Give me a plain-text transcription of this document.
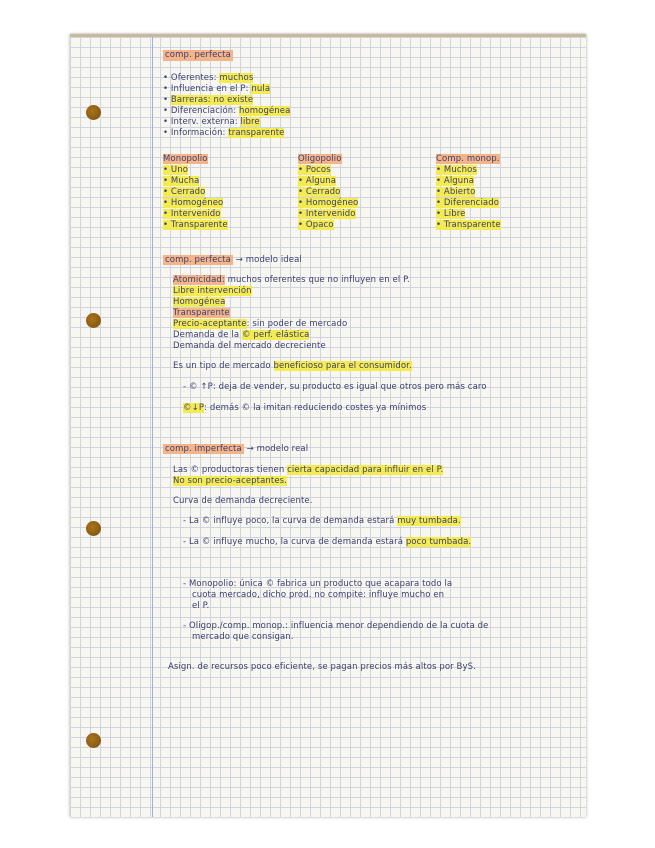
comp. perfecta
• Oferentes: muchos
• Influencia en el P: nula
• Barreras: no existe
• Diferenciación: homogénea
• Interv. externa: libre
• Información: transparente
Monopolio
• Uno
• Mucha
• Cerrado
• Homogéneo
• Intervenido
• Transparente
Oligopolio
• Pocos
• Alguna
• Cerrado
• Homogéneo
• Intervenido
• Opaco
Comp. monop.
• Muchos
• Alguna
• Abierto
• Diferenciado
• Libre
• Transparente
comp. perfecta → modelo ideal
Atomicidad: muchos oferentes que no influyen en el P.
Libre intervención
Homogénea
Transparente
Precio-aceptante: sin poder de mercado
Demanda de la © perf. elástica
Demanda del mercado decreciente
Es un tipo de mercado beneficioso para el consumidor.
- © ↑P: deja de vender, su producto es igual que otros pero más caro
©↓P: demás © la imitan reduciendo costes ya mínimos
comp. imperfecta → modelo real
Las © productoras tienen cierta capacidad para influir en el P.
No son precio-aceptantes.
Curva de demanda decreciente.
- La © influye poco, la curva de demanda estará muy tumbada.
- La © influye mucho, la curva de demanda estará poco tumbada.
- Monopolio: única © fabrica un producto que acapara todo la
cuota mercado, dicho prod. no compite: influye mucho en
el P.
- Oligop./comp. monop.: influencia menor dependiendo de la cuota de
mercado que consigan.
Asign. de recursos poco eficiente, se pagan precios más altos por ByS.
